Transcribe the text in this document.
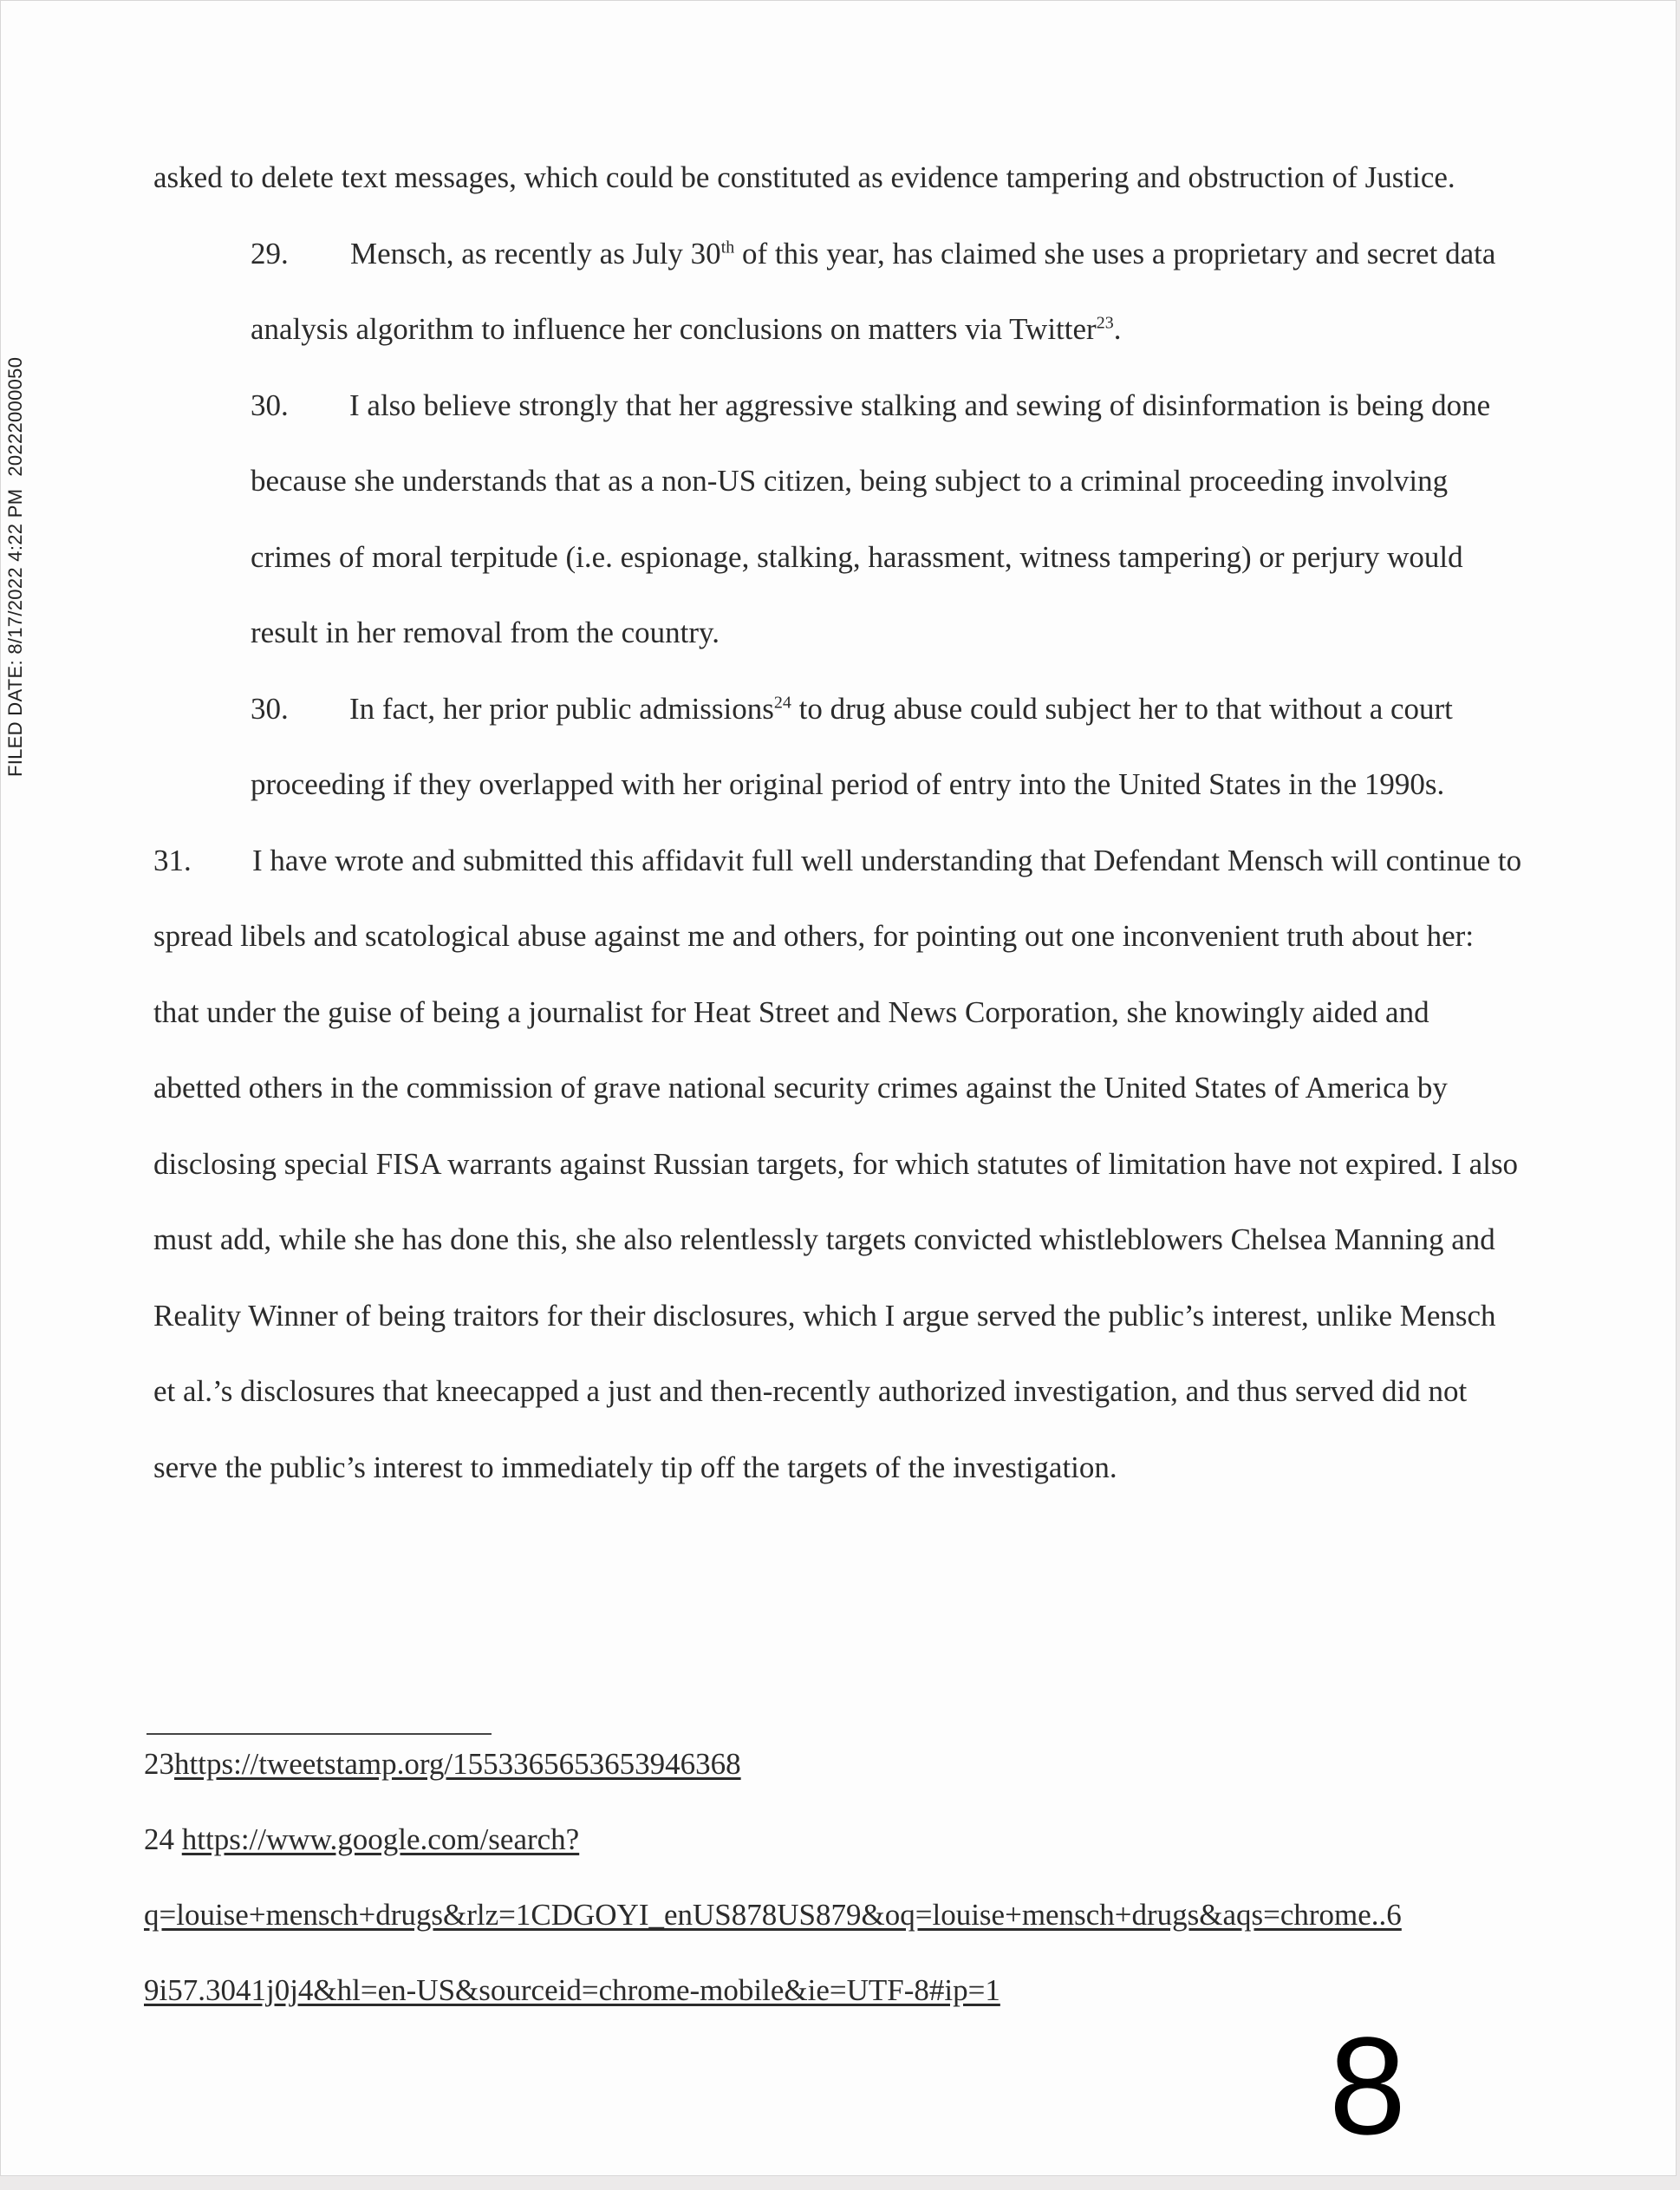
FILED DATE: 8/17/2022 4:22 PM20222000050

asked to delete text messages, which could be constituted as evidence tampering and obstruction of Justice.

29. Mensch, as recently as July 30th of this year, has claimed she uses a proprietary and secret data analysis algorithm to influence her conclusions on matters via Twitter$^{23}$.

30. I also believe strongly that her aggressive stalking and sewing of disinformation is being done because she understands that as a non-US citizen, being subject to a criminal proceeding involving crimes of moral terpitude (i.e. espionage, stalking, harassment, witness tampering) or perjury would result in her removal from the country.

30. In fact, her prior public admissions$^{24}$ to drug abuse could subject her to that without a court proceeding if they overlapped with her original period of entry into the United States in the 1990s.

31. I have wrote and submitted this affidavit full well understanding that Defendant Mensch will continue to spread libels and scatological abuse against me and others, for pointing out one inconvenient truth about her: that under the guise of being a journalist for Heat Street and News Corporation, she knowingly aided and abetted others in the commission of grave national security crimes against the United States of America by disclosing special FISA warrants against Russian targets, for which statutes of limitation have not expired. I also must add, while she has done this, she also relentlessly targets convicted whistleblowers Chelsea Manning and Reality Winner of being traitors for their disclosures, which I argue served the public’s interest, unlike Mensch et al.’s disclosures that kneecapped a just and then-recently authorized investigation, and thus served did not serve the public’s interest to immediately tip off the targets of the investigation.

23https://tweetstamp.org/1553365653653946368

24 https://www.google.com/search?

q=louise+mensch+drugs&rlz=1CDGOYI_enUS878US879&oq=louise+mensch+drugs&aqs=chrome..6

9i57.3041j0j4&hl=en-US&sourceid=chrome-mobile&ie=UTF-8#ip=1

8
